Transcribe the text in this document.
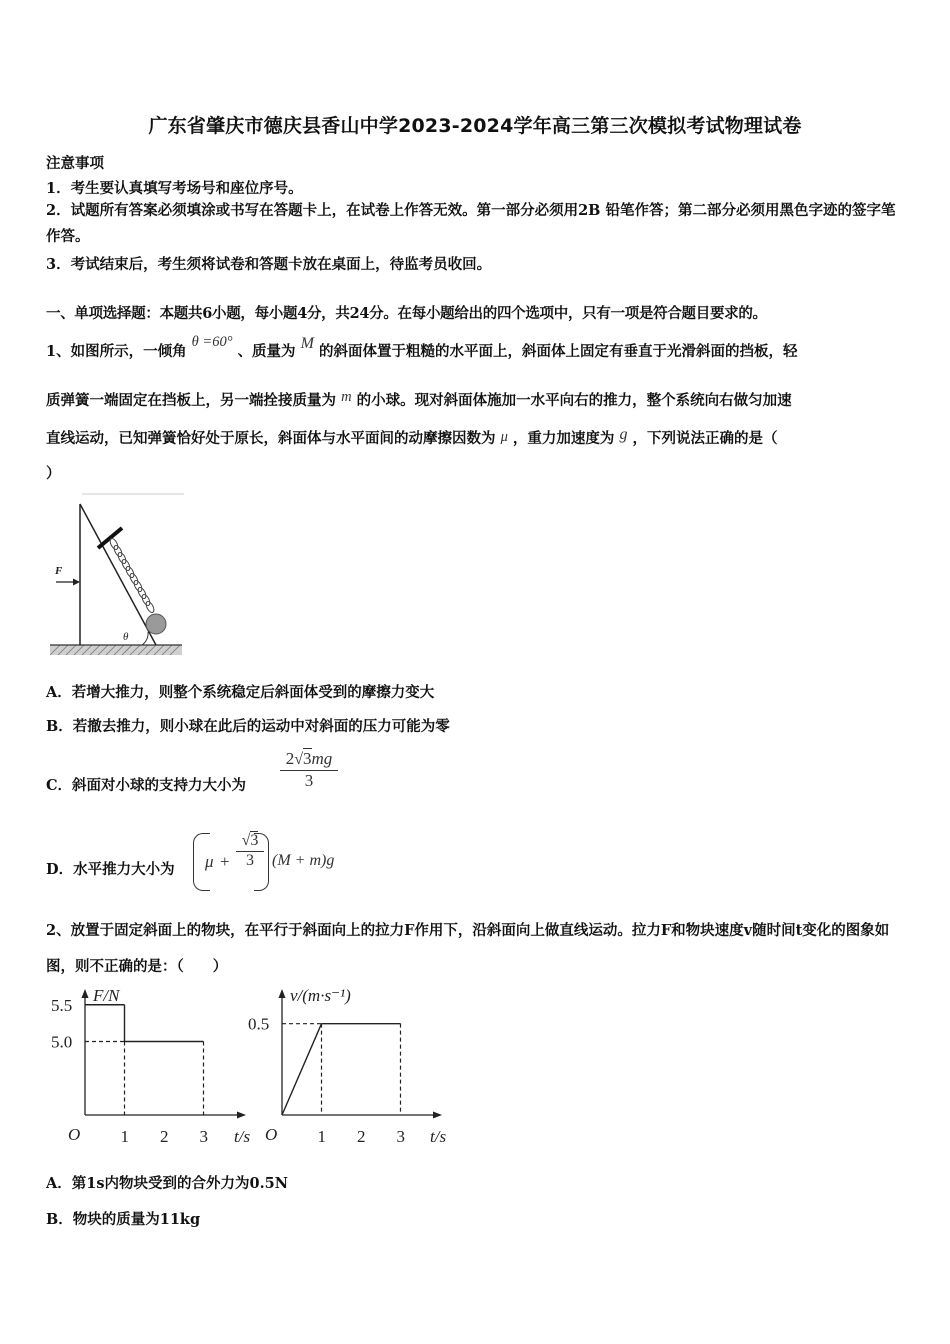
广东省肇庆市德庆县香山中学2023-2024学年高三第三次模拟考试物理试卷
注意事项
1．考生要认真填写考场号和座位序号。
2．试题所有答案必须填涂或书写在答题卡上，在试卷上作答无效。第一部分必须用2B 铅笔作答；第二部分必须用黑色字迹的签字笔作答。
3．考试结束后，考生须将试卷和答题卡放在桌面上，待监考员收回。
一、单项选择题：本题共6小题，每小题4分，共24分。在每小题给出的四个选项中，只有一项是符合题目要求的。
1、如图所示，一倾角 θ =60° 、质量为 M 的斜面体置于粗糙的水平面上，斜面体上固定有垂直于光滑斜面的挡板，轻
质弹簧一端固定在挡板上，另一端拴接质量为 m 的小球。现对斜面体施加一水平向右的推力，整个系统向右做匀加速
直线运动，已知弹簧恰好处于原长，斜面体与水平面间的动摩擦因数为 μ ，重力加速度为 g ，下列说法正确的是（
）
θ
F
A．若增大推力，则整个系统稳定后斜面体受到的摩擦力变大
B．若撤去推力，则小球在此后的运动中对斜面的压力可能为零
C．斜面对小球的支持力大小为
2√3mg
3
D．水平推力大小为 μ +
√3
3	(M + m)g
2、放置于固定斜面上的物块，在平行于斜面向上的拉力F作用下，沿斜面向上做直线运动。拉力F和物块速度v随时间t变化的图象如图，则不正确的是：（　　）
F/N
t/s
O 1 2 3
5.0
5.5
v/(m·s⁻¹)
t/s
O 1 2 3
0.5
A．第1s内物块受到的合外力为0.5N
B．物块的质量为11kg
